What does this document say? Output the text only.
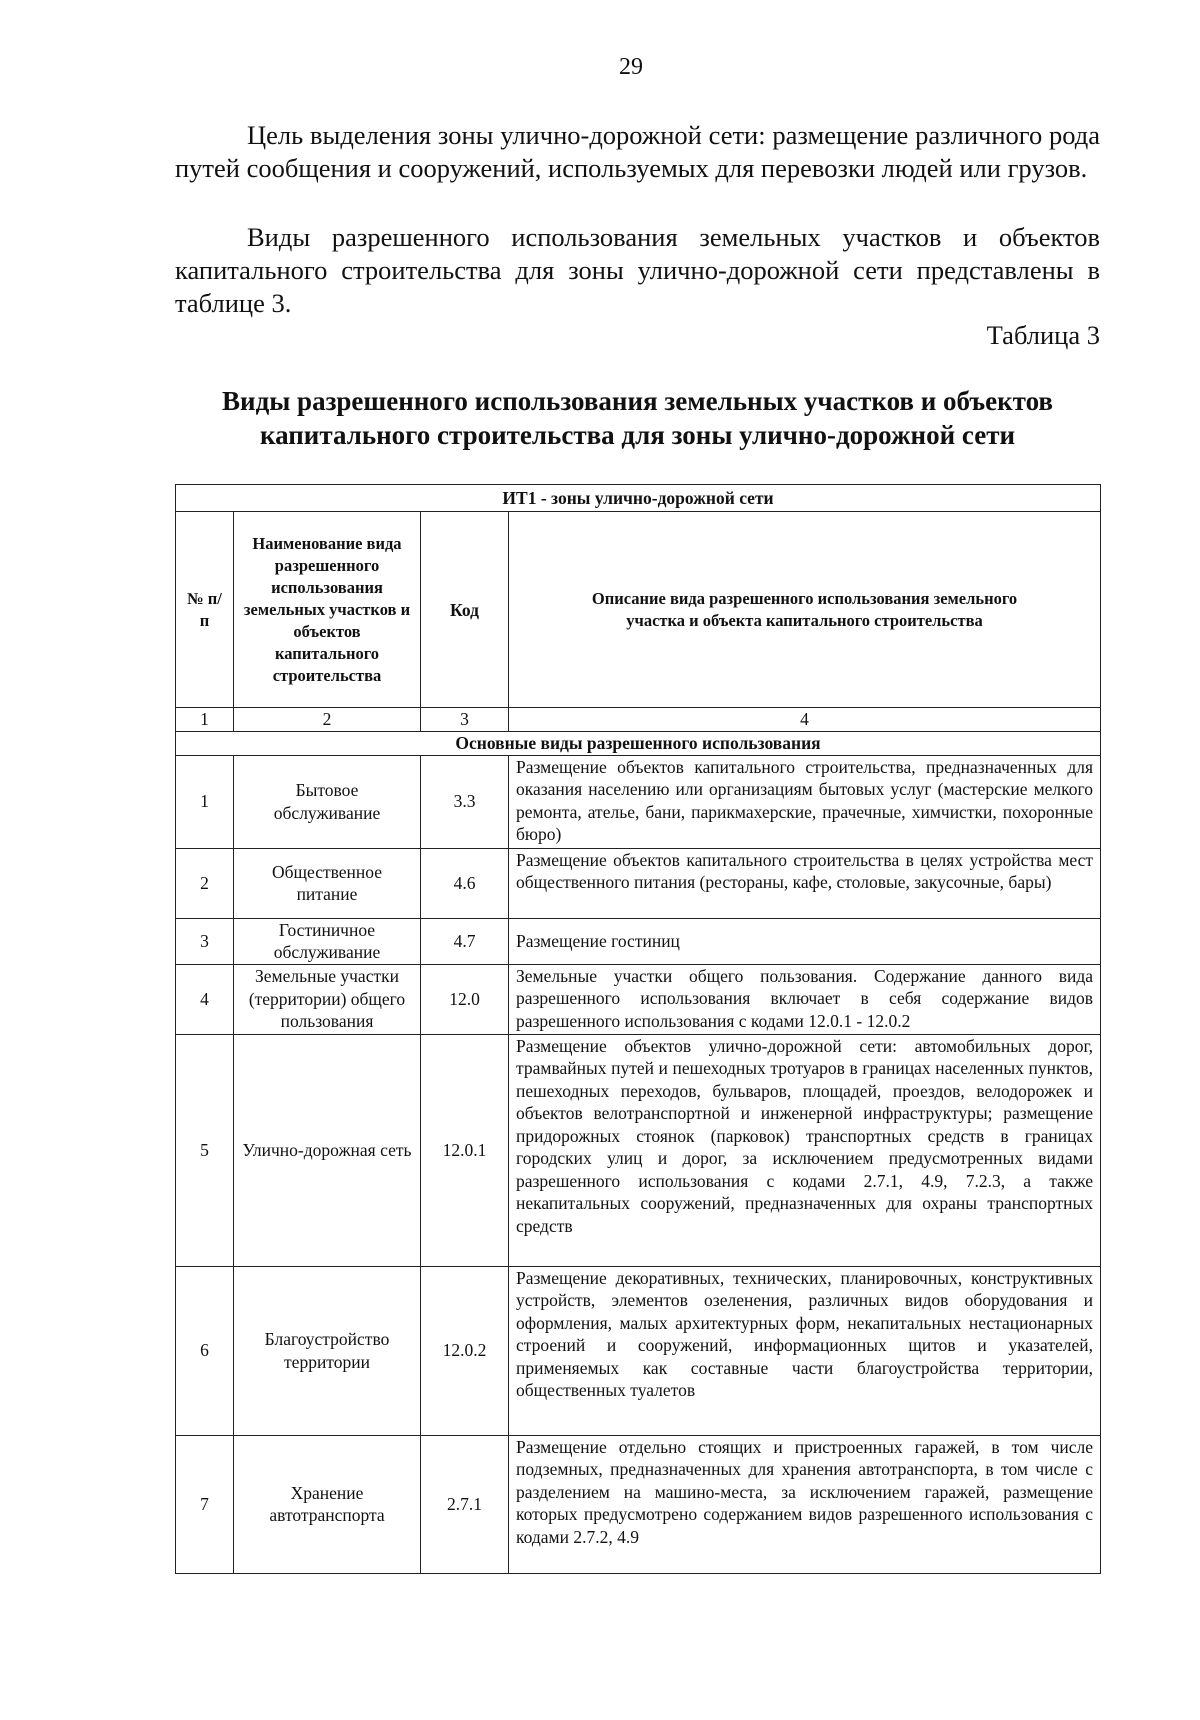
29
Цель выделения зоны улично-дорожной сети: размещение различного рода путей сообщения и сооружений, используемых для перевозки людей или грузов.
Виды разрешенного использования земельных участков и объектов капитального строительства для зоны улично-дорожной сети представлены в таблице 3.
Таблица 3
Виды разрешенного использования земельных участков и объектов
капитального строительства для зоны улично-дорожной сети
ИТ1 - зоны улично-дорожной сети			
№ п/п	Наименование вида разрешенного использования земельных участков и объектов капитального строительства	Код	Описание вида разрешенного использования земельного участка и объекта капитального строительства
1	2	3	4
Основные виды разрешенного использования			
1	Бытовое обслуживание	3.3	Размещение объектов капитального строительства, предназначенных для оказания населению или организациям бытовых услуг (мастерские мелкого ремонта, ателье, бани, парикмахерские, прачечные, химчистки, похоронные бюро)
2	Общественное питание	4.6	Размещение объектов капитального строительства в целях устройства мест общественного питания (рестораны, кафе, столовые, закусочные, бары)
3	Гостиничное обслуживание	4.7	Размещение гостиниц
4	Земельные участки (территории) общего пользования	12.0	Земельные участки общего пользования. Содержание данного вида разрешенного использования включает в себя содержание видов разрешенного использования с кодами 12.0.1 - 12.0.2
5	Улично-дорожная сеть	12.0.1	Размещение объектов улично-дорожной сети: автомобильных дорог, трамвайных путей и пешеходных тротуаров в границах населенных пунктов, пешеходных переходов, бульваров, площадей, проездов, велодорожек и объектов велотранспортной и инженерной инфраструктуры; размещение придорожных стоянок (парковок) транспортных средств в границах городских улиц и дорог, за исключением предусмотренных видами разрешенного использования с кодами 2.7.1, 4.9, 7.2.3, а также некапитальных сооружений, предназначенных для охраны транспортных средств
6	Благоустройство территории	12.0.2	Размещение декоративных, технических, планировочных, конструктивных устройств, элементов озеленения, различных видов оборудования и оформления, малых архитектурных форм, некапитальных нестационарных строений и сооружений, информационных щитов и указателей, применяемых как составные части благоустройства территории, общественных туалетов
7	Хранение автотранспорта	2.7.1	Размещение отдельно стоящих и пристроенных гаражей, в том числе подземных, предназначенных для хранения автотранспорта, в том числе с разделением на машино-места, за исключением гаражей, размещение которых предусмотрено содержанием видов разрешенного использования с кодами 2.7.2, 4.9
